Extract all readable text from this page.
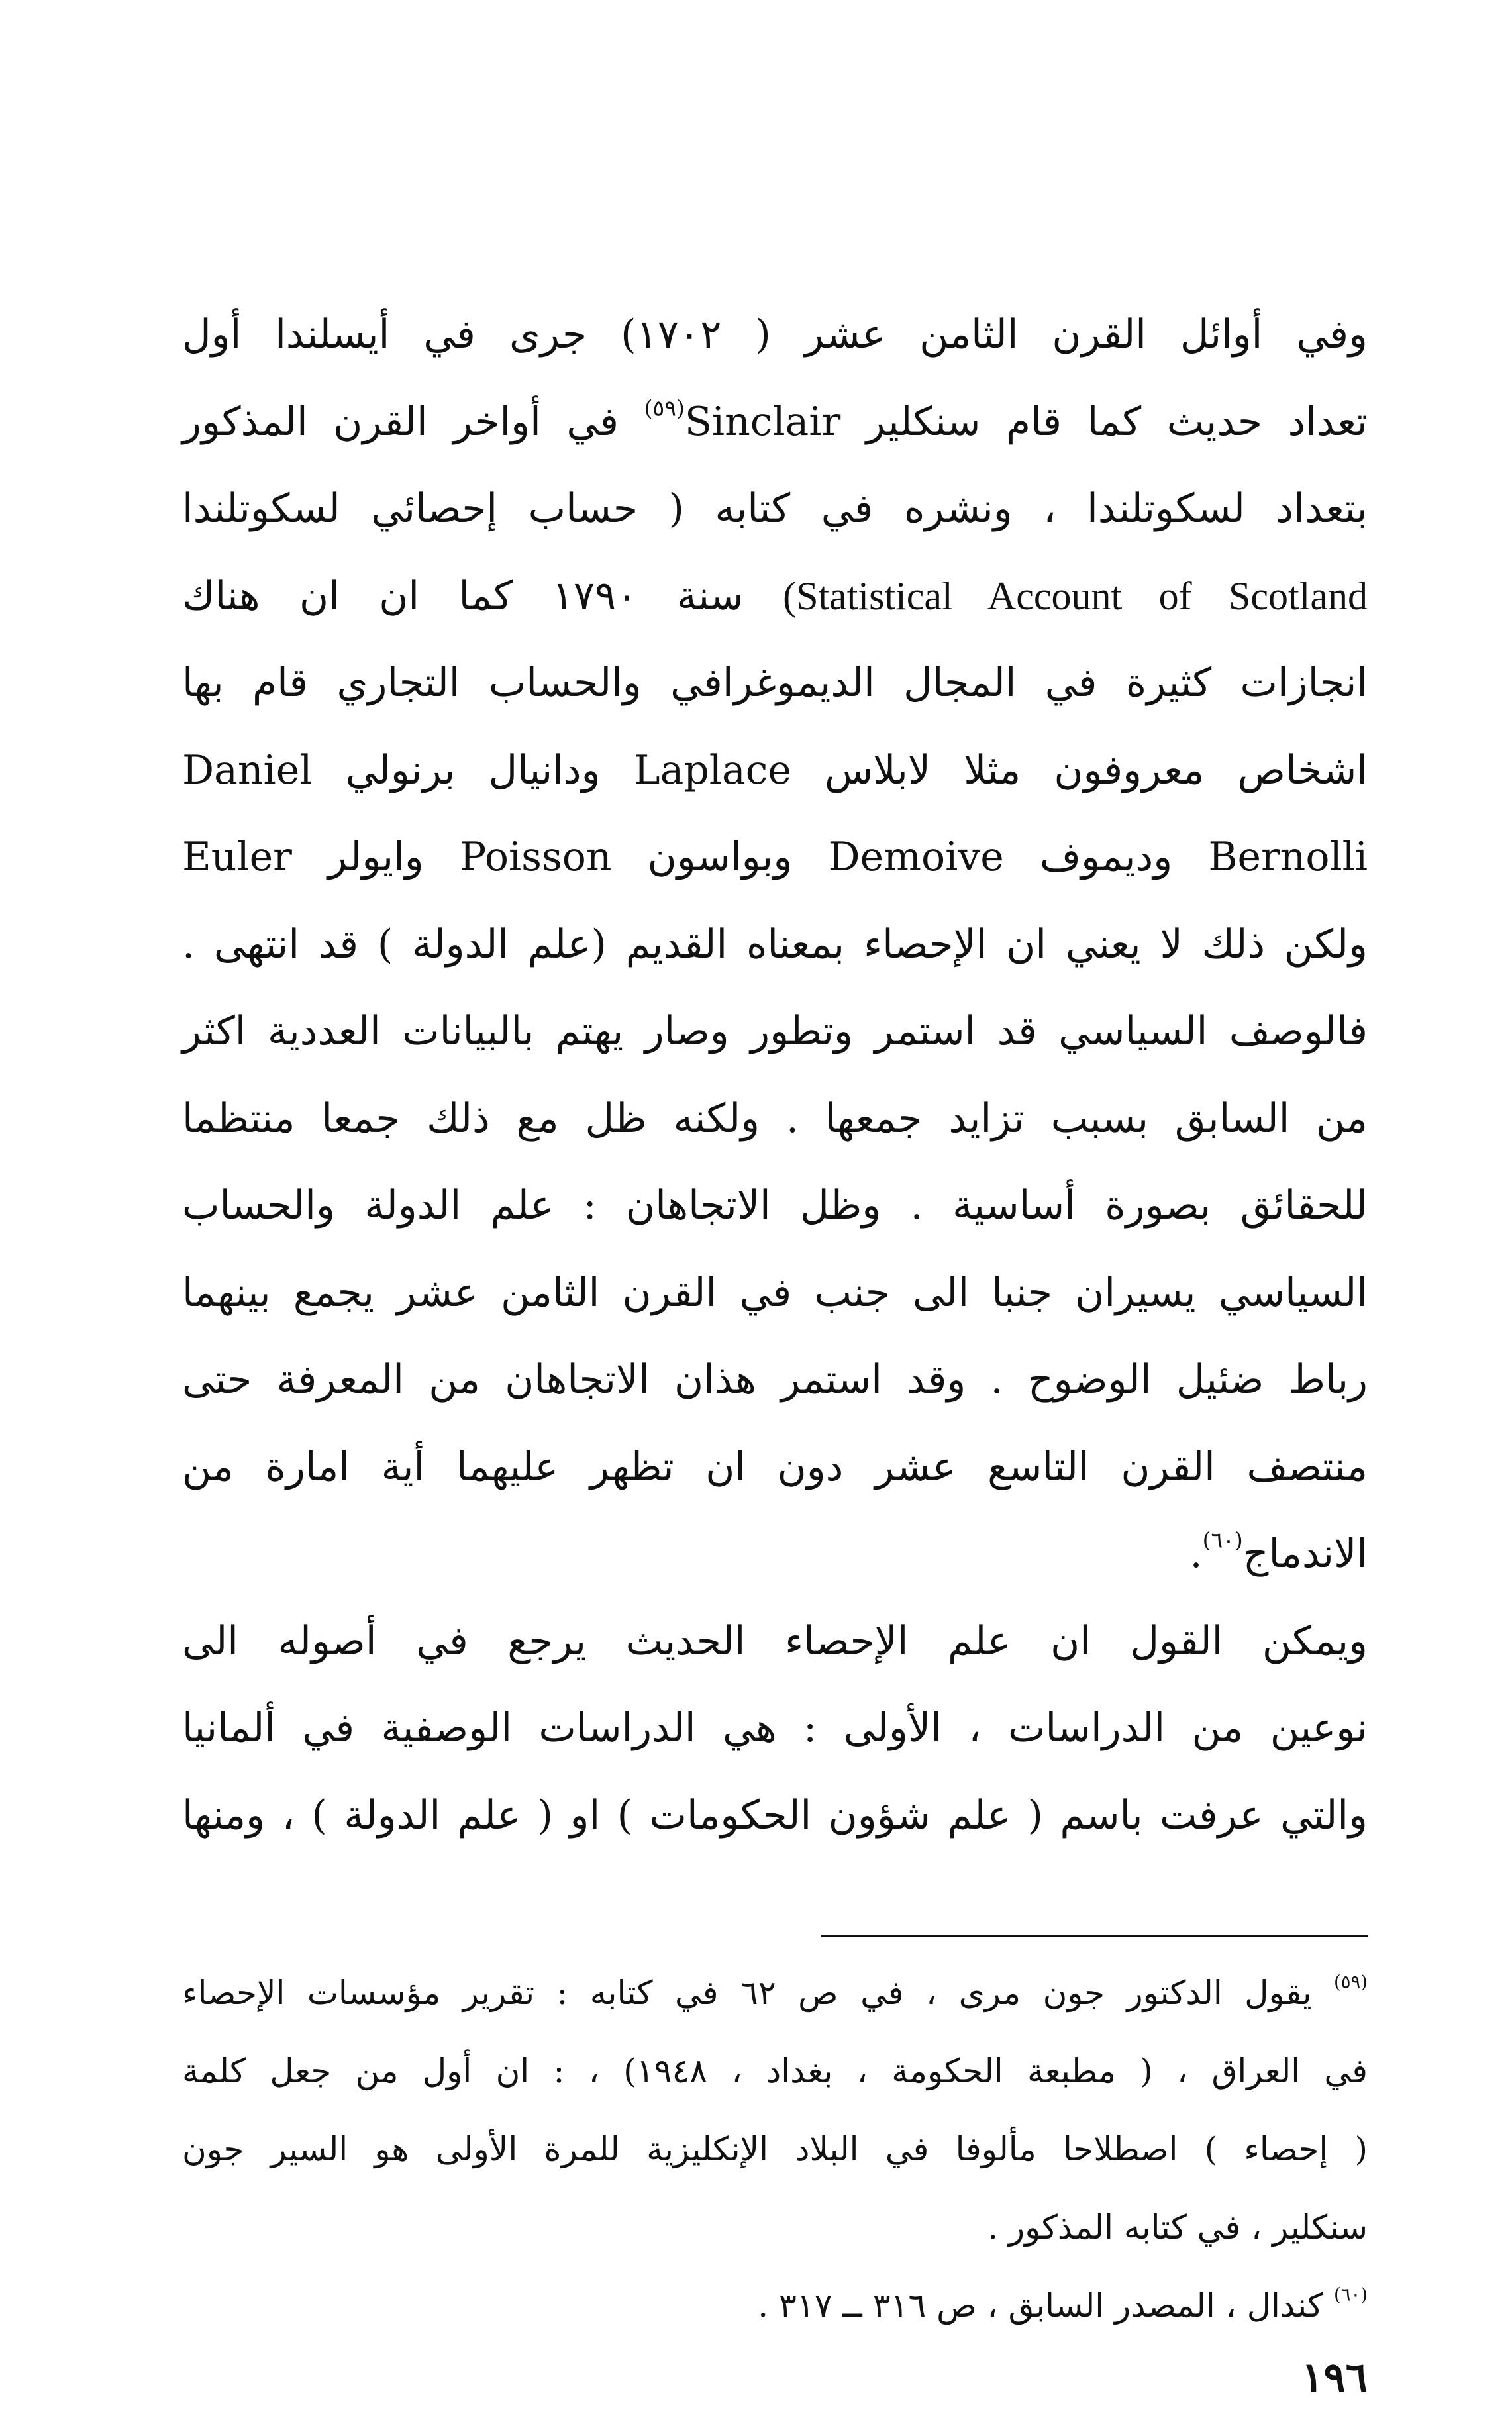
وفي أوائل القرن الثامن عشر ( ١٧٠٢) جرى في أيسلندا أول
تعداد حديث كما قام سنكلير Sinclair$^{(٥٩)}$ في أواخر القرن المذكور
بتعداد لسكوتلندا ، ونشره في كتابه ( حساب إحصائي لسكوتلندا
(Statistical Account of Scotland سنة ١٧٩٠ كما ان ان هناك
انجازات كثيرة في المجال الديموغرافي والحساب التجاري قام بها
اشخاص معروفون مثلا لابلاس Laplace ودانيال برنولي Daniel
Bernolli وديموف Demoive وبواسون Poisson وايولر Euler
ولكن ذلك لا يعني ان الإحصاء بمعناه القديم (علم الدولة ) قد انتهى .
فالوصف السياسي قد استمر وتطور وصار يهتم بالبيانات العددية اكثر
من السابق بسبب تزايد جمعها . ولكنه ظل مع ذلك جمعا منتظما
للحقائق بصورة أساسية . وظل الاتجاهان : علم الدولة والحساب
السياسي يسيران جنبا الى جنب في القرن الثامن عشر يجمع بينهما
رباط ضئيل الوضوح . وقد استمر هذان الاتجاهان من المعرفة حتى
منتصف القرن التاسع عشر دون ان تظهر عليهما أية امارة من
الاندماج$^{(٦٠)}$.
ويمكن القول ان علم الإحصاء الحديث يرجع في أصوله الى
نوعين من الدراسات ، الأولى : هي الدراسات الوصفية في ألمانيا
والتي عرفت باسم ( علم شؤون الحكومات ) او ( علم الدولة ) ، ومنها
$^{(٥٩)}$ يقول الدكتور جون مرى ، في ص ٦٢ في كتابه : تقرير مؤسسات الإحصاء
في العراق ، ( مطبعة الحكومة ، بغداد ، ١٩٤٨) ، : ان أول من جعل كلمة
( إحصاء ) اصطلاحا مألوفا في البلاد الإنكليزية للمرة الأولى هو السير جون
سنكلير ، في كتابه المذكور .
$^{(٦٠)}$ كندال ، المصدر السابق ، ص ٣١٦ ــ ٣١٧ .
١٩٦
